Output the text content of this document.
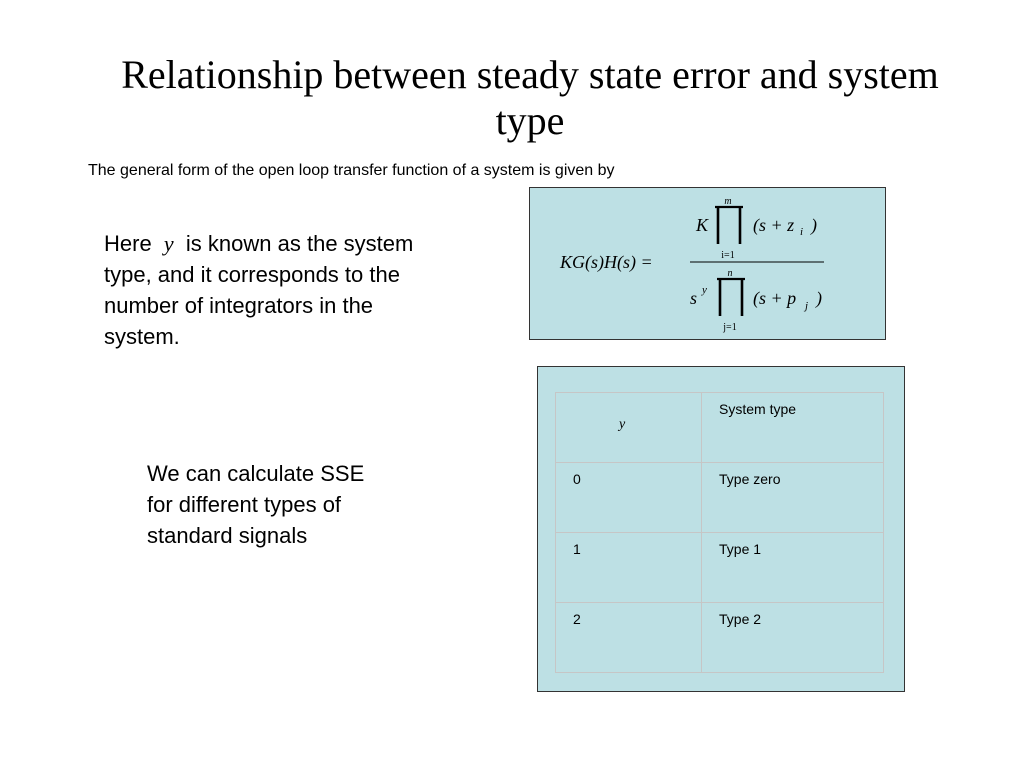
Relationship between steady state error and system type
The general form of the open loop transfer function of a system is given by
KG(s)H(s) =
m
K
i=1
(s + z i )
n
s y
j=1
(s + p j )
Here y is known as the system type, and it corresponds to the number of integrators in the system.
We can calculate SSE for different types of standard signals
y	System type
0	Type zero
1	Type 1
2	Type 2
